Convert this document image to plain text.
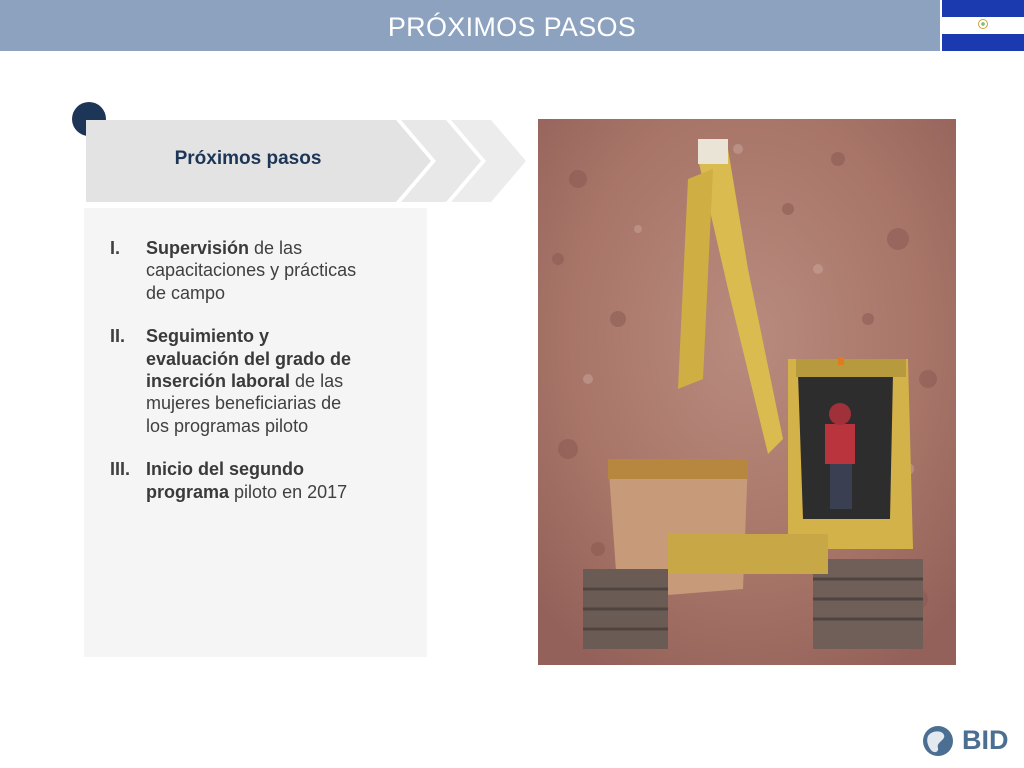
PRÓXIMOS PASOS
Próximos pasos
I. Supervisión de las capacitaciones y prácticas de campo
II. Seguimiento y evaluación del grado de inserción laboral de las mujeres beneficiarias de los programas piloto
III. Inicio del segundo programa piloto en 2017
BID
